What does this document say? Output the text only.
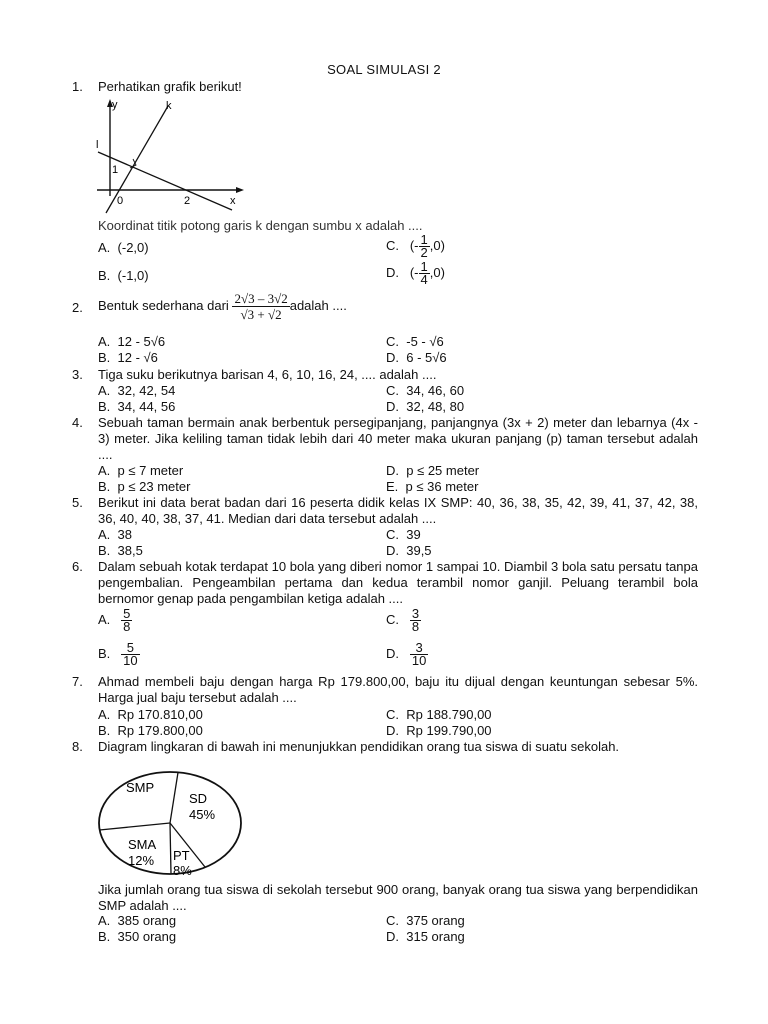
SOAL SIMULASI 2
1. Perhatikan grafik berikut!
y	k
l
1
0	2	x
Koordinat titik potong garis k dengan sumbu x adalah ....
A. (-2,0)	C. (- $\frac{1}{2} ,0$)
B. (-1,0)	D. (- $\frac{1}{4} ,0$)
2. Bentuk sederhana dari $\frac{2√3 - 3√2}{√3 + √2}$ adalah ....
A. 12 - 5√6	C. -5 - √6
B. 12 - √6	D. 6 - 5√6
3. Tiga suku berikutnya barisan 4, 6, 10, 16, 24, .... adalah ....
A. 32, 42, 54	C. 34, 46, 60
B. 34, 44, 56	D. 32, 48, 80
4. Sebuah taman bermain anak berbentuk persegipanjang, panjangnya (3x + 2) meter dan lebarnya (4x - 3) meter. Jika keliling taman tidak lebih dari 40 meter maka ukuran panjang (p) taman tersebut adalah ....
A. p ≤ 7 meter	D. p ≤ 25 meter
B. p ≤ 23 meter	E. p ≤ 36 meter
5. Berikut ini data berat badan dari 16 peserta didik kelas IX SMP: 40, 36, 38, 35, 42, 39, 41, 37, 42, 38, 36, 40, 40, 38, 37, 41. Median dari data tersebut adalah ....
A. 38	C. 39
B. 38,5	D. 39,5
6. Dalam sebuah kotak terdapat 10 bola yang diberi nomor 1 sampai 10. Diambil 3 bola satu persatu tanpa pengembalian. Pengeambilan pertama dan kedua terambil nomor ganjil. Peluang terambil bola bernomor genap pada pengambilan ketiga adalah ....
A. $\frac{5}{8}$	C. $\frac{3}{8}$
B. $\frac{5}{10}$	D. $\frac{3}{10}$
7. Ahmad membeli baju dengan harga Rp 179.800,00, baju itu dijual dengan keuntungan sebesar 5%. Harga jual baju tersebut adalah ....
A. Rp 170.810,00	C. Rp 188.790,00
B. Rp 179.800,00	D. Rp 199.790,00
8. Diagram lingkaran di bawah ini menunjukkan pendidikan orang tua siswa di suatu sekolah.
SMP
SD
45%
SMA
12% PT
8%
Jika jumlah orang tua siswa di sekolah tersebut 900 orang, banyak orang tua siswa yang berpendidikan SMP adalah ....
A. 385 orang	C. 375 orang
B. 350 orang	D. 315 orang
